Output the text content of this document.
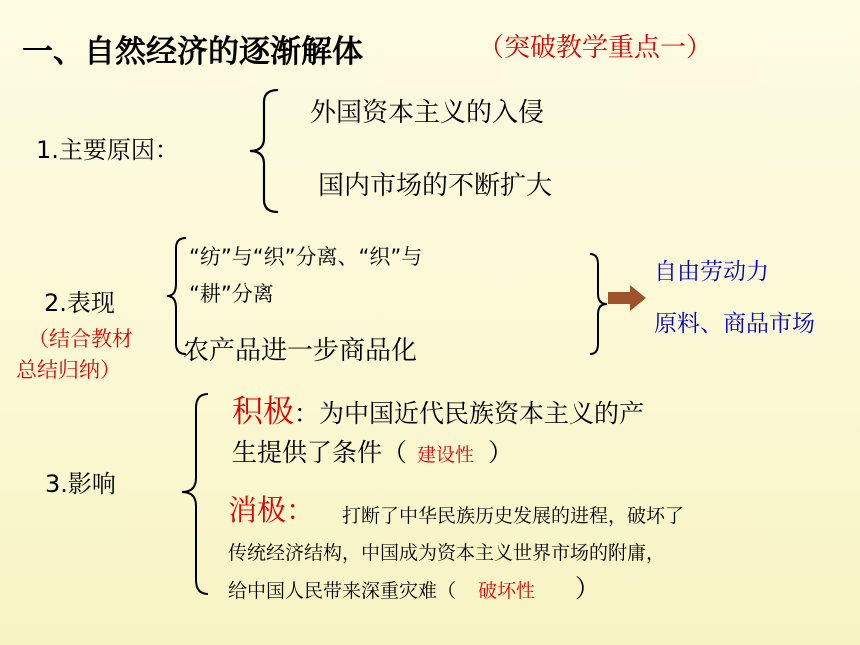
一、自然经济的逐渐解体	（突破教学重点一）
1.主要原因：
外国资本主义的入侵
国内市场的不断扩大
2.表现
（结合教材
总结归纳）
“纺”与“织”分离、“织”与
“耕”分离
农产品进一步商品化
自由劳动力
原料、商品市场
3.影响
积极：为中国近代民族资本主义的产
生提供了条件（ 建设性 ）
消极： 打断了中华民族历史发展的进程，破坏了
传统经济结构，中国成为资本主义世界市场的附庸，
给中国人民带来深重灾难（ 破坏性 ）
